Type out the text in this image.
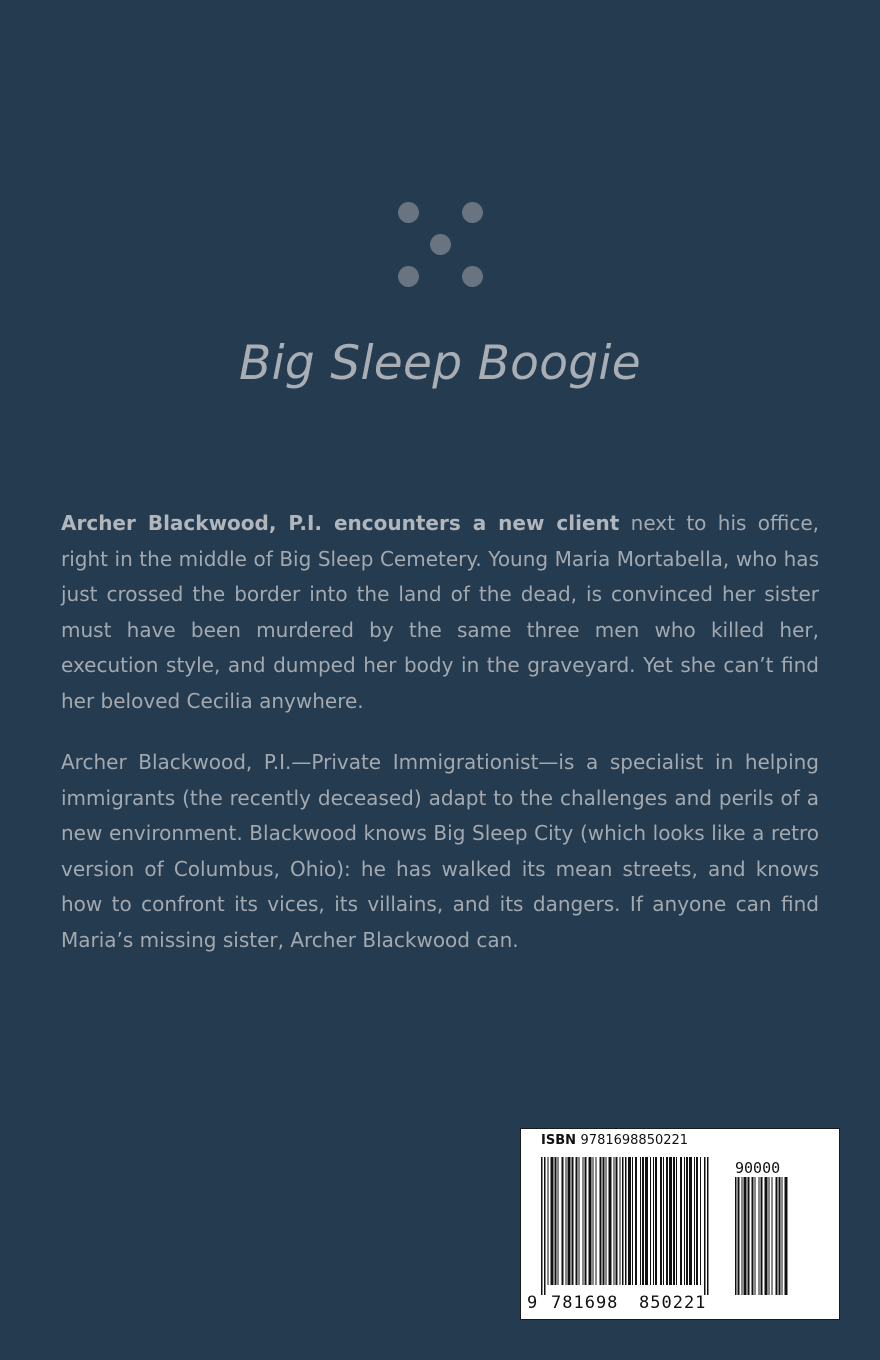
Big Sleep Boogie

Archer Blackwood, P.I. encounters a new client next to his office, right in the middle of Big Sleep Cemetery. Young Maria Mortabella, who has just crossed the border into the land of the dead, is convinced her sister must have been murdered by the same three men who killed her, execution style, and dumped her body in the graveyard. Yet she can’t find her beloved Cecilia anywhere.

Archer Blackwood, P.I.—Private Immigrationist—is a specialist in helping immigrants (the recently deceased) adapt to the challenges and perils of a new environment. Blackwood knows Big Sleep City (which looks like a retro version of Columbus, Ohio): he has walked its mean streets, and knows how to confront its vices, its villains, and its dangers. If anyone can find Maria’s missing sister, Archer Blackwood can.

ISBN 9781698850221
90000
9 781698 850221
